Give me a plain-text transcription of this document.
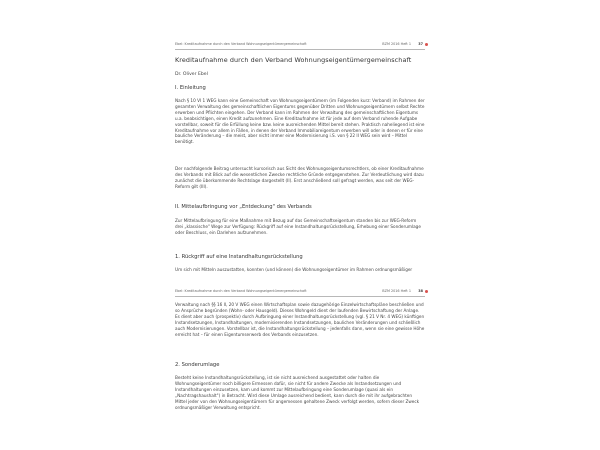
Ebel: Kreditaufnahme durch den Verband Wohnungseigentümergemeinschaft	BZM 2016 Heft 1 37
Kreditaufnahme durch den Verband Wohnungseigentümergemeinschaft
Dr. Oliver Ebel
I. Einleitung

Nach § 10 VI 1 WEG kann eine Gemeinschaft von Wohnungseigentümern (im Folgenden kurz: Verband) im Rahmen der gesamten Verwaltung des gemeinschaftlichen Eigentums gegenüber Dritten und Wohnungseigentümern selbst Rechte erwerben und Pflichten eingehen. Der Verband kann im Rahmen der Verwaltung des gemeinschaftlichen Eigentums u.a. beabsichtigen, einen Kredit aufzunehmen. Eine Kreditaufnahme ist für jede auf dem Verband ruhende Aufgabe vorstellbar, soweit für die Erfüllung keine bzw. keine ausreichenden Mittel bereit stehen. Praktisch naheliegend ist eine Kreditaufnahme vor allem in Fällen, in denen der Verband Immobiliareigentum erwerben will oder in denen er für eine bauliche Veränderung – die meist, aber nicht immer eine Modernisierung i.S. von § 22 II WEG sein wird – Mittel benötigt.

Der nachfolgende Beitrag untersucht kursorisch aus Sicht des Wohnungseigentumsrechtlers, ob einer Kreditaufnahme des Verbands mit Blick auf die wesentlichen Zwecke rechtliche Gründe entgegenstehen. Zur Verdeutlichung wird dazu zunächst die überkommende Rechtslage dargestellt (II). Erst anschließend soll gefragt werden, was seit der WEG-Reform gilt (III).

II. Mittelaufbringung vor „Entdeckung" des Verbands

Zur Mittelaufbringung für eine Maßnahme mit Bezug auf das Gemeinschaftseigentum standen bis zur WEG-Reform drei „klassische" Wege zur Verfügung: Rückgriff auf eine Instandhaltungsrückstellung, Erhebung einer Sonderumlage oder Beschluss, ein Darlehen aufzunehmen.

1. Rückgriff auf eine Instandhaltungsrückstellung

Um sich mit Mitteln auszustatten, konnten (und können) die Wohnungseigentümer im Rahmen ordnungsmäßiger

Ebel: Kreditaufnahme durch den Verband Wohnungseigentümergemeinschaft	BZM 2016 Heft 1 38

Verwaltung nach §§ 16 II, 20 V WEG einen Wirtschaftsplan sowie dazugehörige Einzelwirtschaftspläne beschließen und so Ansprüche begründen (Wohn- oder Hausgeld). Dieses Wohngeld dient der laufenden Bewirtschaftung der Anlage. Es dient aber auch (prospektiv) durch Aufbringung einer Instandhaltungsrückstellung (vgl. § 21 V Nr. 4 WEG) künftigen Instandsetzungen, Instandhaltungen, modernisierenden Instandsetzungen, baulichen Veränderungen und schließlich auch Modernisierungen. Vorstellbar ist, die Instandhaltungsrückstellung – jedenfalls dann, wenn sie eine gewisse Höhe erreicht hat – für einen Eigentumserwerb des Verbands einzusetzen.

2. Sonderumlage

Besteht keine Instandhaltungsrückstellung, ist sie nicht ausreichend ausgestattet oder halten die Wohnungseigentümer noch billigere Ermessen dafür, sie nicht für andere Zwecke als Instandsetzungen und Instandhaltungen einzusetzen, kam und kommt zur Mittelaufbringung eine Sonderumlage (quasi als ein „Nachtragshaushalt") in Betracht. Wird diese Umlage ausreichend bedient, kann durch die mit ihr aufgebrachten Mittel jeder von den Wohnungseigentümern für angemessen gehaltene Zweck verfolgt werden, sofern dieser Zweck ordnungsmäßiger Verwaltung entspricht.
